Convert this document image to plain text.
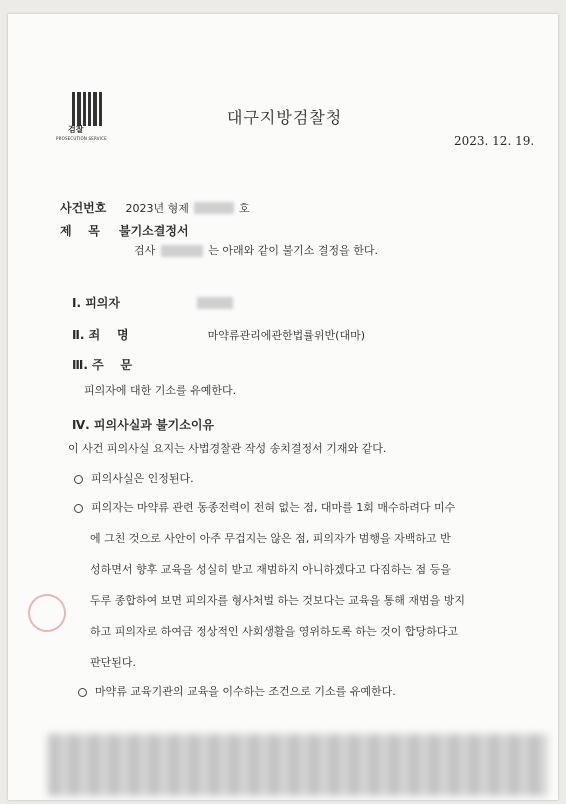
검찰
PROSECUTION SERVICE
대구지방검찰청
2023. 12. 19.
사건번호 2023년 형제	호
제    목 불기소결정서
검사	는 아래와 같이 불기소 결정을 한다.
Ⅰ. 피의자
Ⅱ. 죄    명	마약류관리에관한법률위반(대마)
Ⅲ. 주    문
피의자에 대한 기소를 유예한다.
Ⅳ. 피의사실과 불기소이유
이 사건 피의사실 요지는 사법경찰관 작성 송치결정서 기재와 같다.
피의사실은 인정된다.
피의자는 마약류 관련 동종전력이 전혀 없는 점, 대마를 1회 매수하려다 미수
에 그친 것으로 사안이 아주 무겁지는 않은 점, 피의자가 범행을 자백하고 반
성하면서 향후 교육을 성실히 받고 재범하지 아니하겠다고 다짐하는 점 등을
두루 종합하여 보면 피의자를 형사처벌 하는 것보다는 교육을 통해 재범을 방지
하고 피의자로 하여금 정상적인 사회생활을 영위하도록 하는 것이 합당하다고
판단된다.
마약류 교육기관의 교육을 이수하는 조건으로 기소를 유예한다.
